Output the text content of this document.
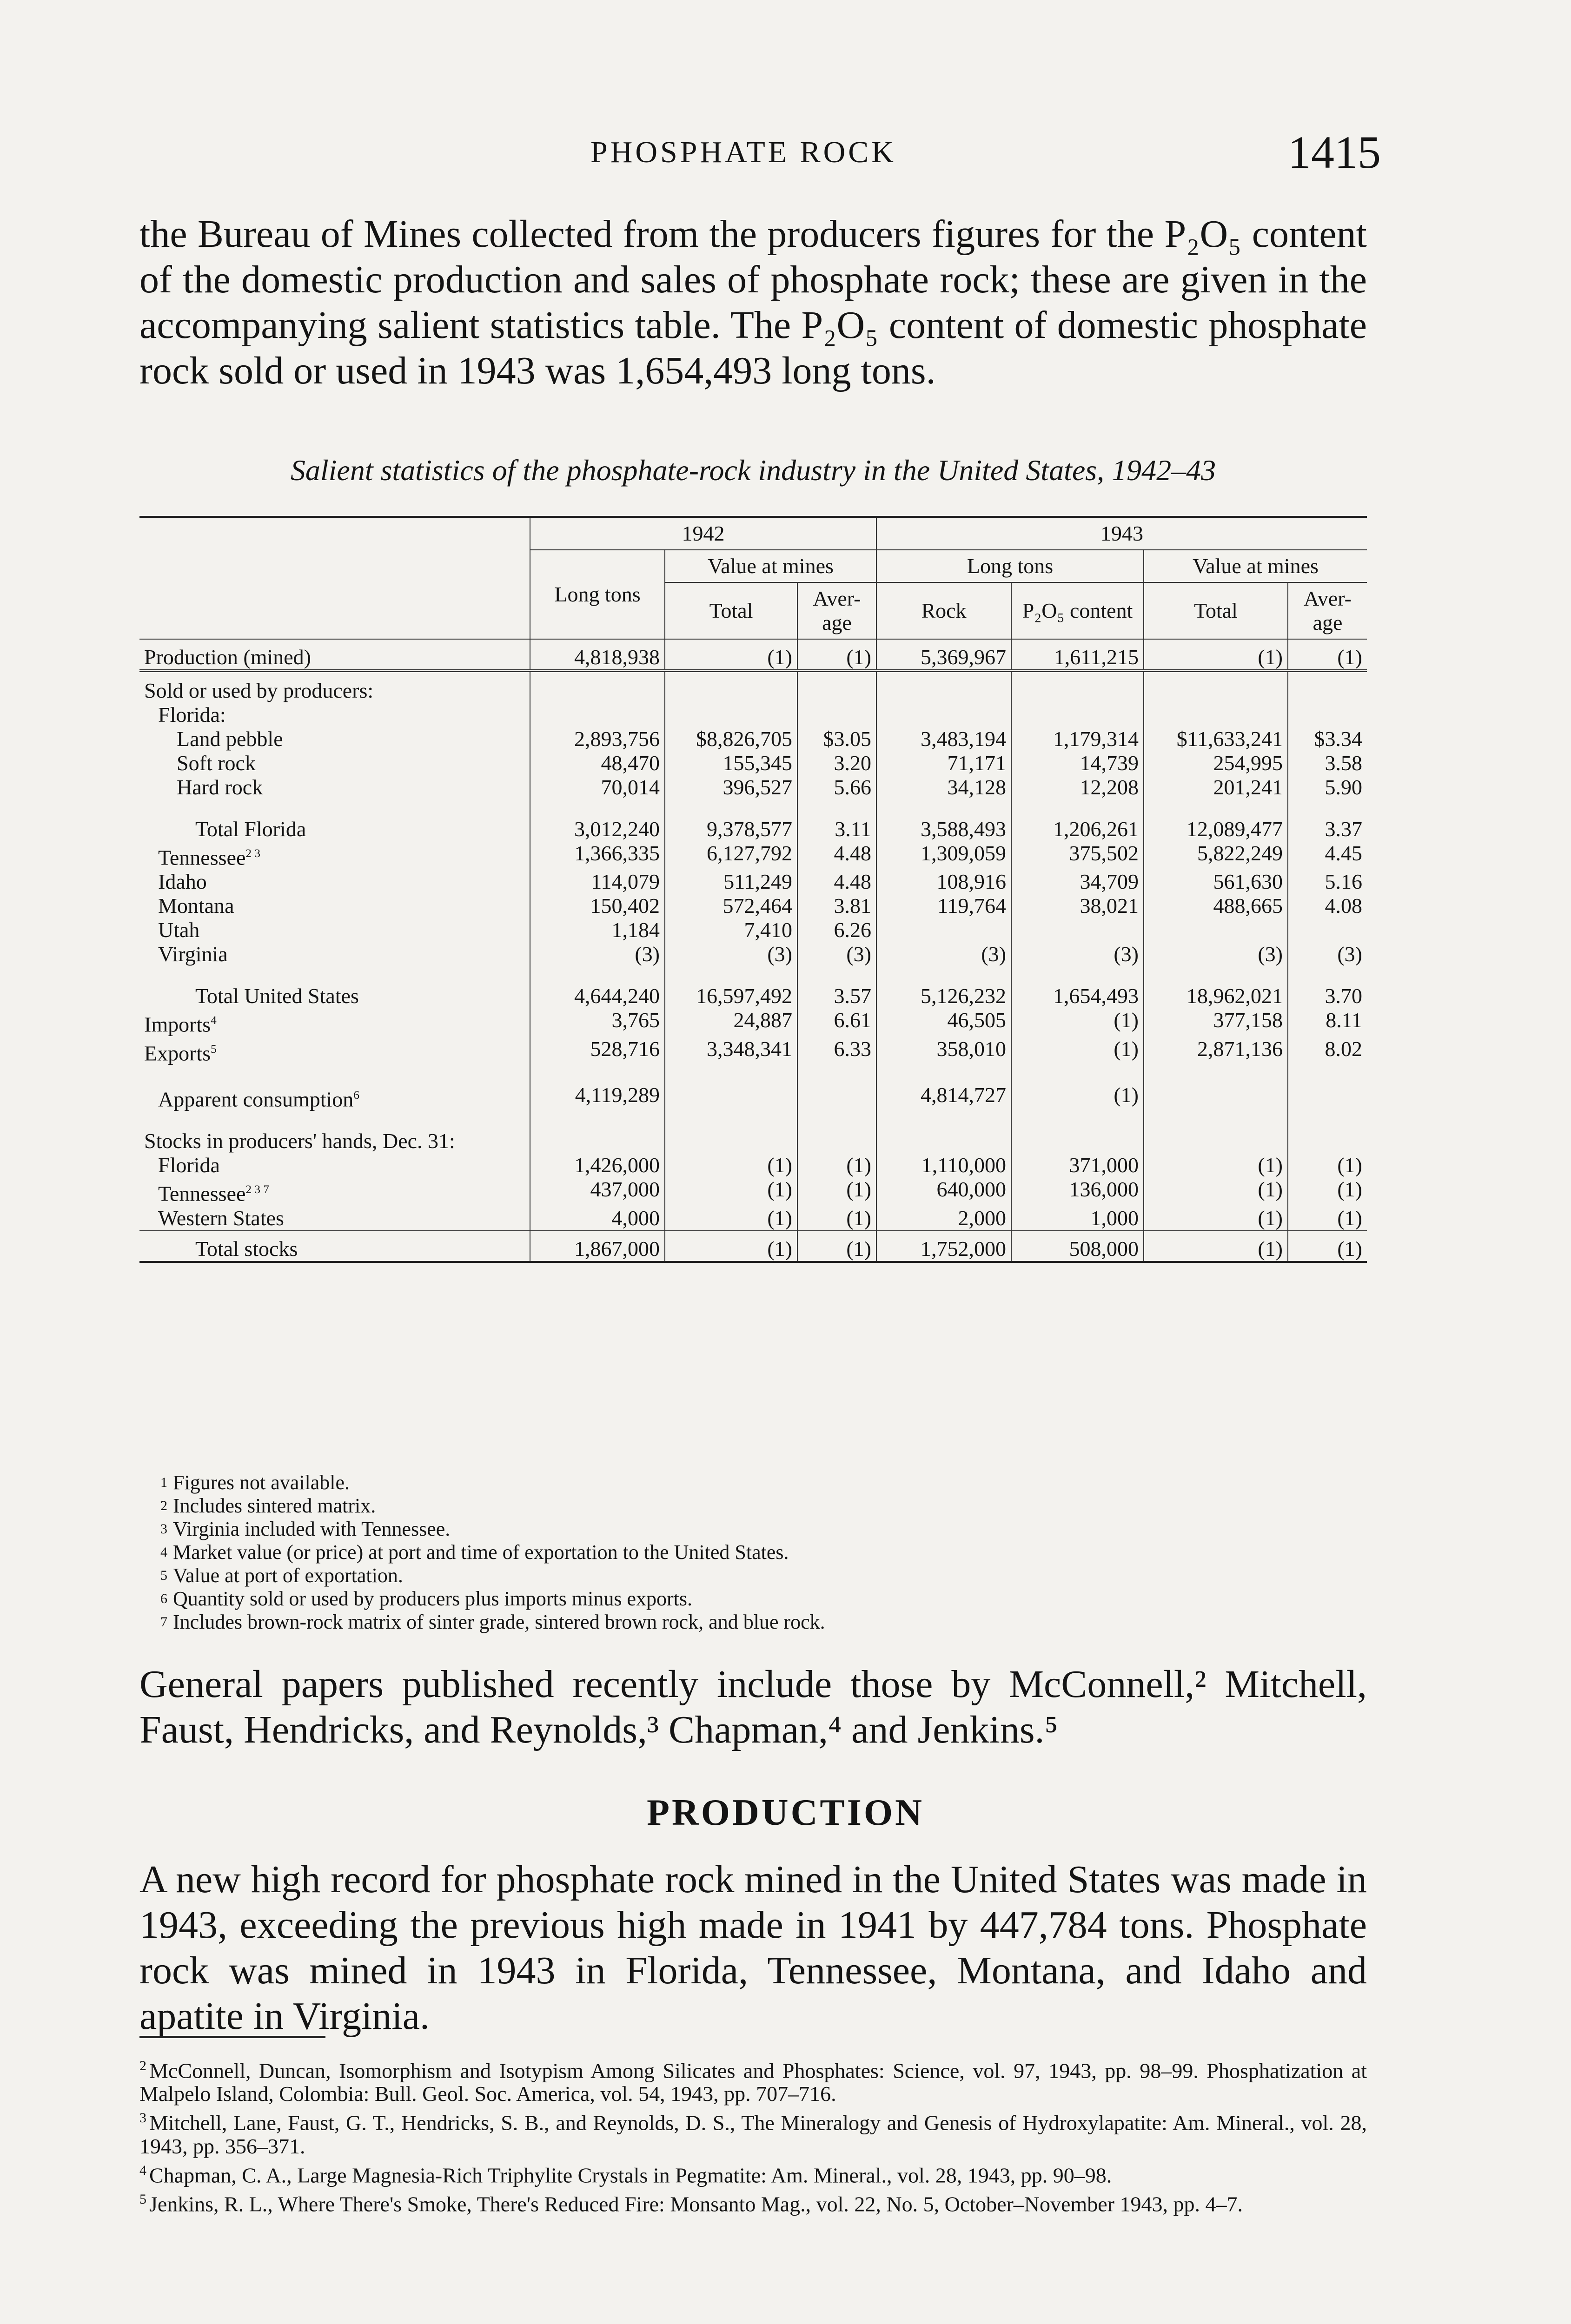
PHOSPHATE ROCK	1415
the Bureau of Mines collected from the producers figures for the P₂O₅ content of the domestic production and sales of phosphate rock; these are given in the accompanying salient statistics table. The P₂O₅ content of domestic phosphate rock sold or used in 1943 was 1,654,493 long tons.
Salient statistics of the phosphate-rock industry in the United States, 1942–43
	1942			1943			
	Long tons	Value at mines		Long tons		Value at mines	
		Total	Aver-age	Rock	P₂O₅ content	Total	Aver-age
Production (mined)	4,818,938	(1)	(1)	5,369,967	1,611,215	(1)	(1)
Sold or used by producers:							
Florida:							
Land pebble	2,893,756	$8,826,705	$3.05	3,483,194	1,179,314	$11,633,241	$3.34
Soft rock	48,470	155,345	3.20	71,171	14,739	254,995	3.58
Hard rock	70,014	396,527	5.66	34,128	12,208	201,241	5.90
Total Florida	3,012,240	9,378,577	3.11	3,588,493	1,206,261	12,089,477	3.37
Tennessee$^{2 3}$	1,366,335	6,127,792	4.48	1,309,059	375,502	5,822,249	4.45
Idaho	114,079	511,249	4.48	108,916	34,709	561,630	5.16
Montana	150,402	572,464	3.81	119,764	38,021	488,665	4.08
Utah	1,184	7,410	6.26				
Virginia	(3)	(3)	(3)	(3)	(3)	(3)	(3)
Total United States	4,644,240	16,597,492	3.57	5,126,232	1,654,493	18,962,021	3.70
Imports$^4$	3,765	24,887	6.61	46,505	(1)	377,158	8.11
Exports$^5$	528,716	3,348,341	6.33	358,010	(1)	2,871,136	8.02
Apparent consumption$^6$	4,119,289			4,814,727	(1)		
Stocks in producers' hands, Dec. 31:							
Florida	1,426,000	(1)	(1)	1,110,000	371,000	(1)	(1)
Tennessee$^{2 3 7}$	437,000	(1)	(1)	640,000	136,000	(1)	(1)
Western States	4,000	(1)	(1)	2,000	1,000	(1)	(1)
Total stocks	1,867,000	(1)	(1)	1,752,000	508,000	(1)	(1)
1 Figures not available.
2 Includes sintered matrix.
3 Virginia included with Tennessee.
4 Market value (or price) at port and time of exportation to the United States.
5 Value at port of exportation.
6 Quantity sold or used by producers plus imports minus exports.
7 Includes brown-rock matrix of sinter grade, sintered brown rock, and blue rock.
General papers published recently include those by McConnell,² Mitchell, Faust, Hendricks, and Reynolds,³ Chapman,⁴ and Jenkins.⁵
PRODUCTION
A new high record for phosphate rock mined in the United States was made in 1943, exceeding the previous high made in 1941 by 447,784 tons. Phosphate rock was mined in 1943 in Florida, Tennessee, Montana, and Idaho and apatite in Virginia.

$^2$ McConnell, Duncan, Isomorphism and Isotypism Among Silicates and Phosphates: Science, vol. 97, 1943, pp. 98–99. Phosphatization at Malpelo Island, Colombia: Bull. Geol. Soc. America, vol. 54, 1943, pp. 707–716.

$^3$ Mitchell, Lane, Faust, G. T., Hendricks, S. B., and Reynolds, D. S., The Mineralogy and Genesis of Hydroxylapatite: Am. Mineral., vol. 28, 1943, pp. 356–371.

$^4$ Chapman, C. A., Large Magnesia-Rich Triphylite Crystals in Pegmatite: Am. Mineral., vol. 28, 1943, pp. 90–98.

$^5$ Jenkins, R. L., Where There's Smoke, There's Reduced Fire: Monsanto Mag., vol. 22, No. 5, October–November 1943, pp. 4–7.
